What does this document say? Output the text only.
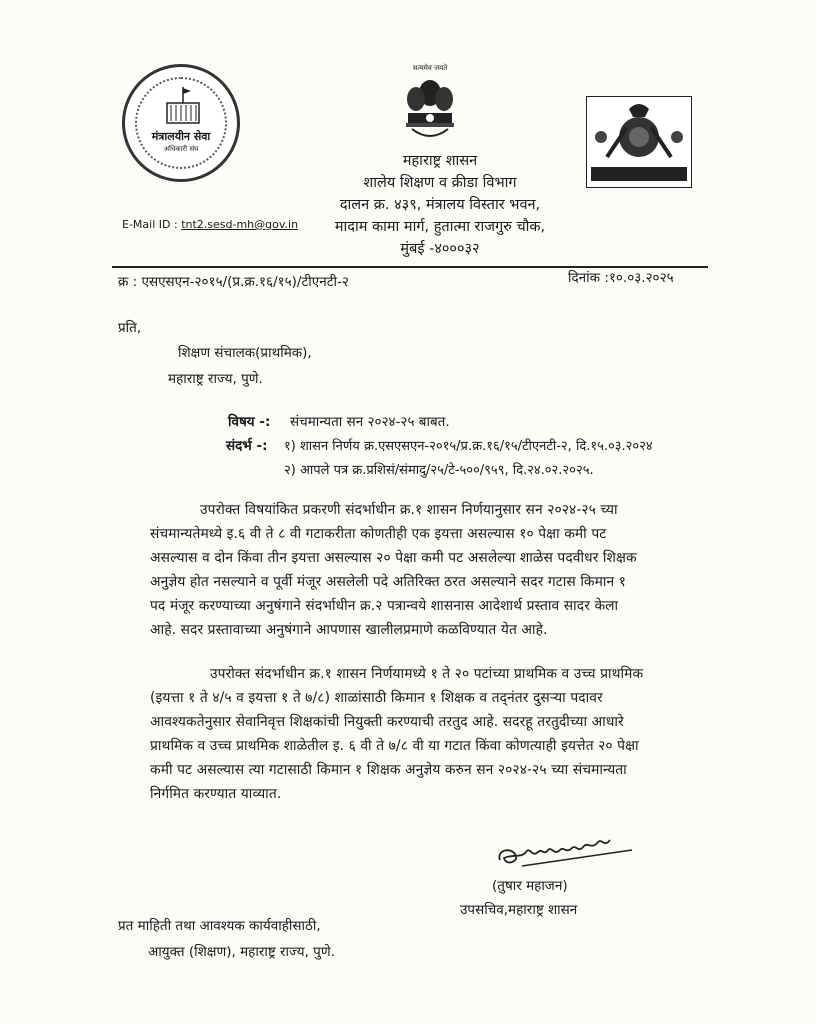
मंत्रालयीन सेवा
अधिकारी संघ
सत्यमेव जयते
महाराष्ट्र शासन
शालेय शिक्षण व क्रीडा विभाग
दालन क्र. ४३९, मंत्रालय विस्तार भवन,
मादाम कामा मार्ग, हुतात्मा राजगुरु चौक,
मुंबई -४०००३२
E-Mail ID : tnt2.sesd-mh@gov.in
क्र : एसएसएन-२०१५/(प्र.क्र.१६/१५)/टीएनटी-२	दिनांक :१०.०३.२०२५
प्रति,
शिक्षण संचालक(प्राथमिक),
महाराष्ट्र राज्य, पुणे.
विषय -: संचमान्यता सन २०२४-२५ बाबत.
संदर्भ -: १) शासन निर्णय क्र.एसएसएन-२०१५/प्र.क्र.१६/१५/टीएनटी-२, दि.१५.०३.२०२४
२) आपले पत्र क्र.प्रशिसं/संमादु/२५/टे-५००/९५९, दि.२४.०२.२०२५.
उपरोक्त विषयांकित प्रकरणी संदर्भाधीन क्र.१ शासन निर्णयानुसार सन २०२४-२५ च्या
संचमान्यतेमध्ये इ.६ वी ते ८ वी गटाकरीता कोणतीही एक इयत्ता असल्यास १० पेक्षा कमी पट
असल्यास व दोन किंवा तीन इयत्ता असल्यास २० पेक्षा कमी पट असलेल्या शाळेस पदवीधर शिक्षक
अनुज्ञेय होत नसल्याने व पूर्वी मंजूर असलेली पदे अतिरिक्त ठरत असल्याने सदर गटास किमान १
पद मंजूर करण्याच्या अनुषंगाने संदर्भाधीन क्र.२ पत्रान्वये शासनास आदेशार्थ प्रस्ताव सादर केला
आहे. सदर प्रस्तावाच्या अनुषंगाने आपणास खालीलप्रमाणे कळविण्यात येत आहे.
उपरोक्त संदर्भाधीन क्र.१ शासन निर्णयामध्ये १ ते २० पटांच्या प्राथमिक व उच्च प्राथमिक
(इयत्ता १ ते ४/५ व इयत्ता १ ते ७/८) शाळांसाठी किमान १ शिक्षक व तद्नंतर दुसऱ्या पदावर
आवश्यकतेनुसार सेवानिवृत्त शिक्षकांची नियुक्ती करण्याची तरतुद आहे. सदरहू तरतुदीच्या आधारे
प्राथमिक व उच्च प्राथमिक शाळेतील इ. ६ वी ते ७/८ वी या गटात किंवा कोणत्याही इयत्तेत २० पेक्षा
कमी पट असल्यास त्या गटासाठी किमान १ शिक्षक अनुज्ञेय करुन सन २०२४-२५ च्या संचमान्यता
निर्गमित करण्यात याव्यात.
(तुषार महाजन)
उपसचिव,महाराष्ट्र शासन
प्रत माहिती तथा आवश्यक कार्यवाहीसाठी,
आयुक्त (शिक्षण), महाराष्ट्र राज्य, पुणे.
